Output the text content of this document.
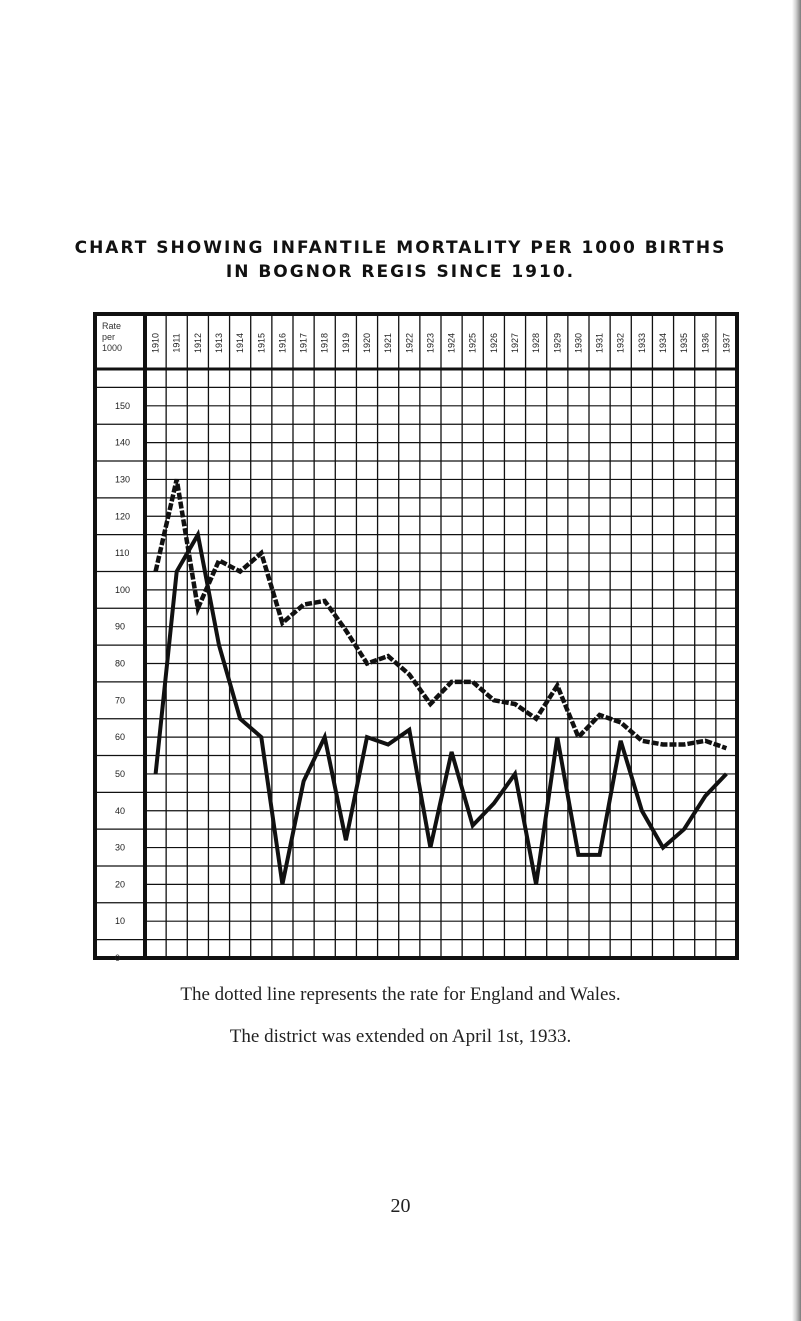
CHART SHOWING INFANTILE MORTALITY PER 1000 BIRTHS
IN BOGNOR REGIS SINCE 1910.
Rate
per
1000	1910 1911 1912 1913 1914 1915 1916 1917 1918 1919 1920 1921 1922 1923 1924 1925 1926 1927 1928 1929 1930 1931 1932 1933 1934 1935 1936 1937
0
10
20
30
40
50
60
70
80
90
100
110
120
130
140
150
The dotted line represents the rate for England and Wales.
The district was extended on April 1st, 1933.
20
